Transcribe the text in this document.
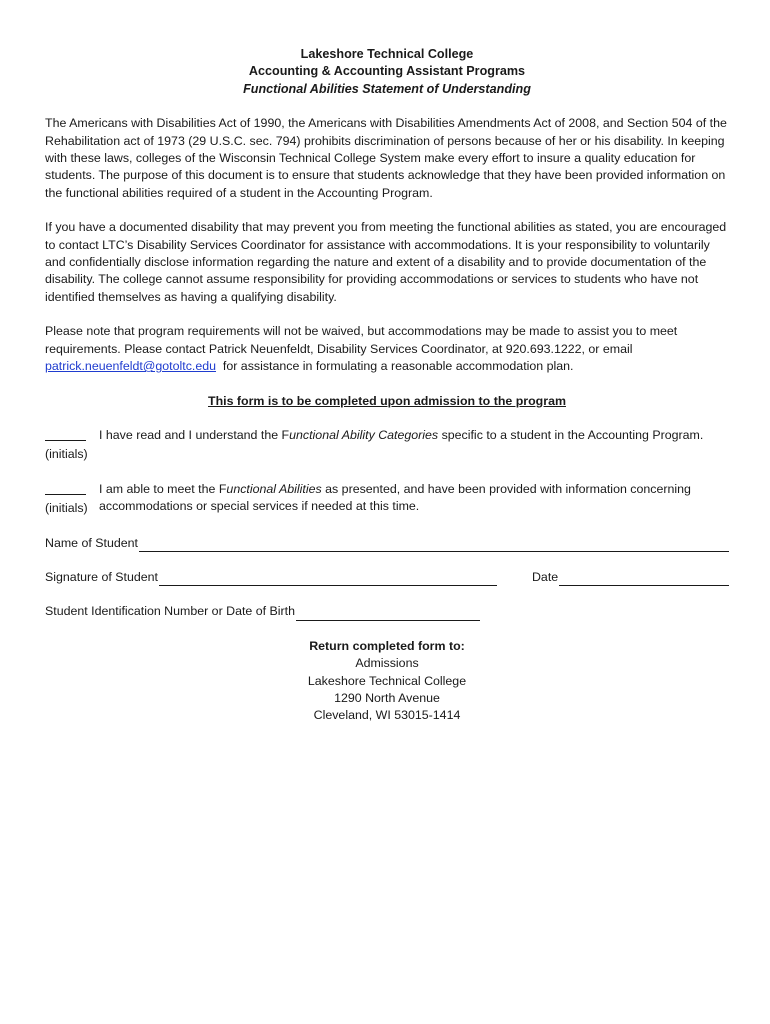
Lakeshore Technical College
Accounting & Accounting Assistant Programs
Functional Abilities Statement of Understanding

The Americans with Disabilities Act of 1990, the Americans with Disabilities Amendments Act of 2008, and Section 504 of the Rehabilitation act of 1973 (29 U.S.C. sec. 794) prohibits discrimination of persons because of her or his disability. In keeping with these laws, colleges of the Wisconsin Technical College System make every effort to insure a quality education for students. The purpose of this document is to ensure that students acknowledge that they have been provided information on the functional abilities required of a student in the Accounting Program.

If you have a documented disability that may prevent you from meeting the functional abilities as stated, you are encouraged to contact LTC’s Disability Services Coordinator for assistance with accommodations. It is your responsibility to voluntarily and confidentially disclose information regarding the nature and extent of a disability and to provide documentation of the disability. The college cannot assume responsibility for providing accommodations or services to students who have not identified themselves as having a qualifying disability.

Please note that program requirements will not be waived, but accommodations may be made to assist you to meet requirements. Please contact Patrick Neuenfeldt, Disability Services Coordinator, at 920.693.1222, or email
patrick.neuenfeldt@gotoltc.edu for assistance in formulating a reasonable accommodation plan.

This form is to be completed upon admission to the program

(initials)
I have read and I understand the Functional Ability Categories specific to a student in the Accounting Program.

(initials)
I am able to meet the Functional Abilities as presented, and have been provided with information concerning accommodations or special services if needed at this time.
Name of Student
Signature of Student	Date
Student Identification Number or Date of Birth
Return completed form to:
Admissions
Lakeshore Technical College
1290 North Avenue
Cleveland, WI 53015-1414
